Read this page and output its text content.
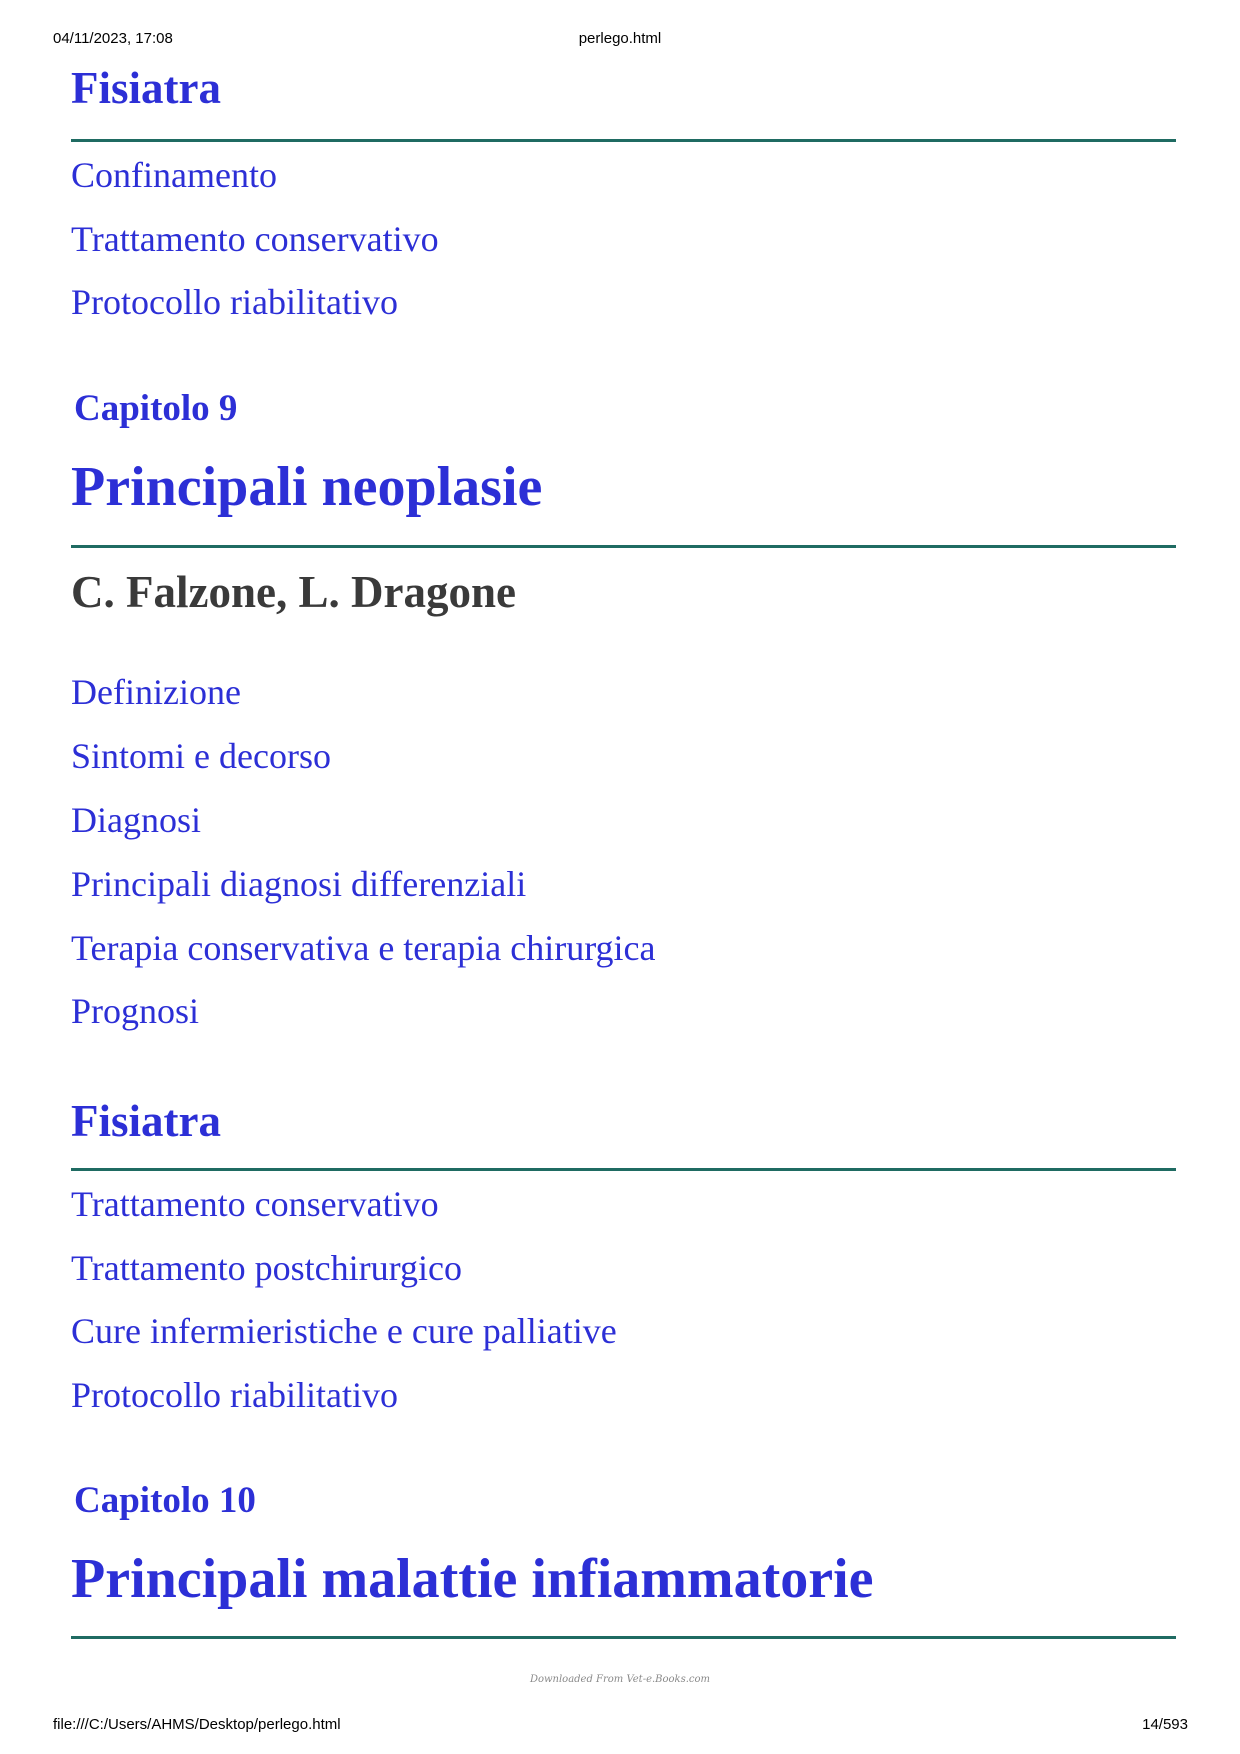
04/11/2023, 17:08	perlego.html
Fisiatra
Confinamento
Trattamento conservativo
Protocollo riabilitativo
Capitolo 9
Principali neoplasie
C. Falzone, L. Dragone
Definizione
Sintomi e decorso
Diagnosi
Principali diagnosi differenziali
Terapia conservativa e terapia chirurgica
Prognosi
Fisiatra
Trattamento conservativo
Trattamento postchirurgico
Cure infermieristiche e cure palliative
Protocollo riabilitativo
Capitolo 10
Principali malattie infiammatorie
Downloaded From Vet-e.Books.com
file:///C:/Users/AHMS/Desktop/perlego.html	14/593
